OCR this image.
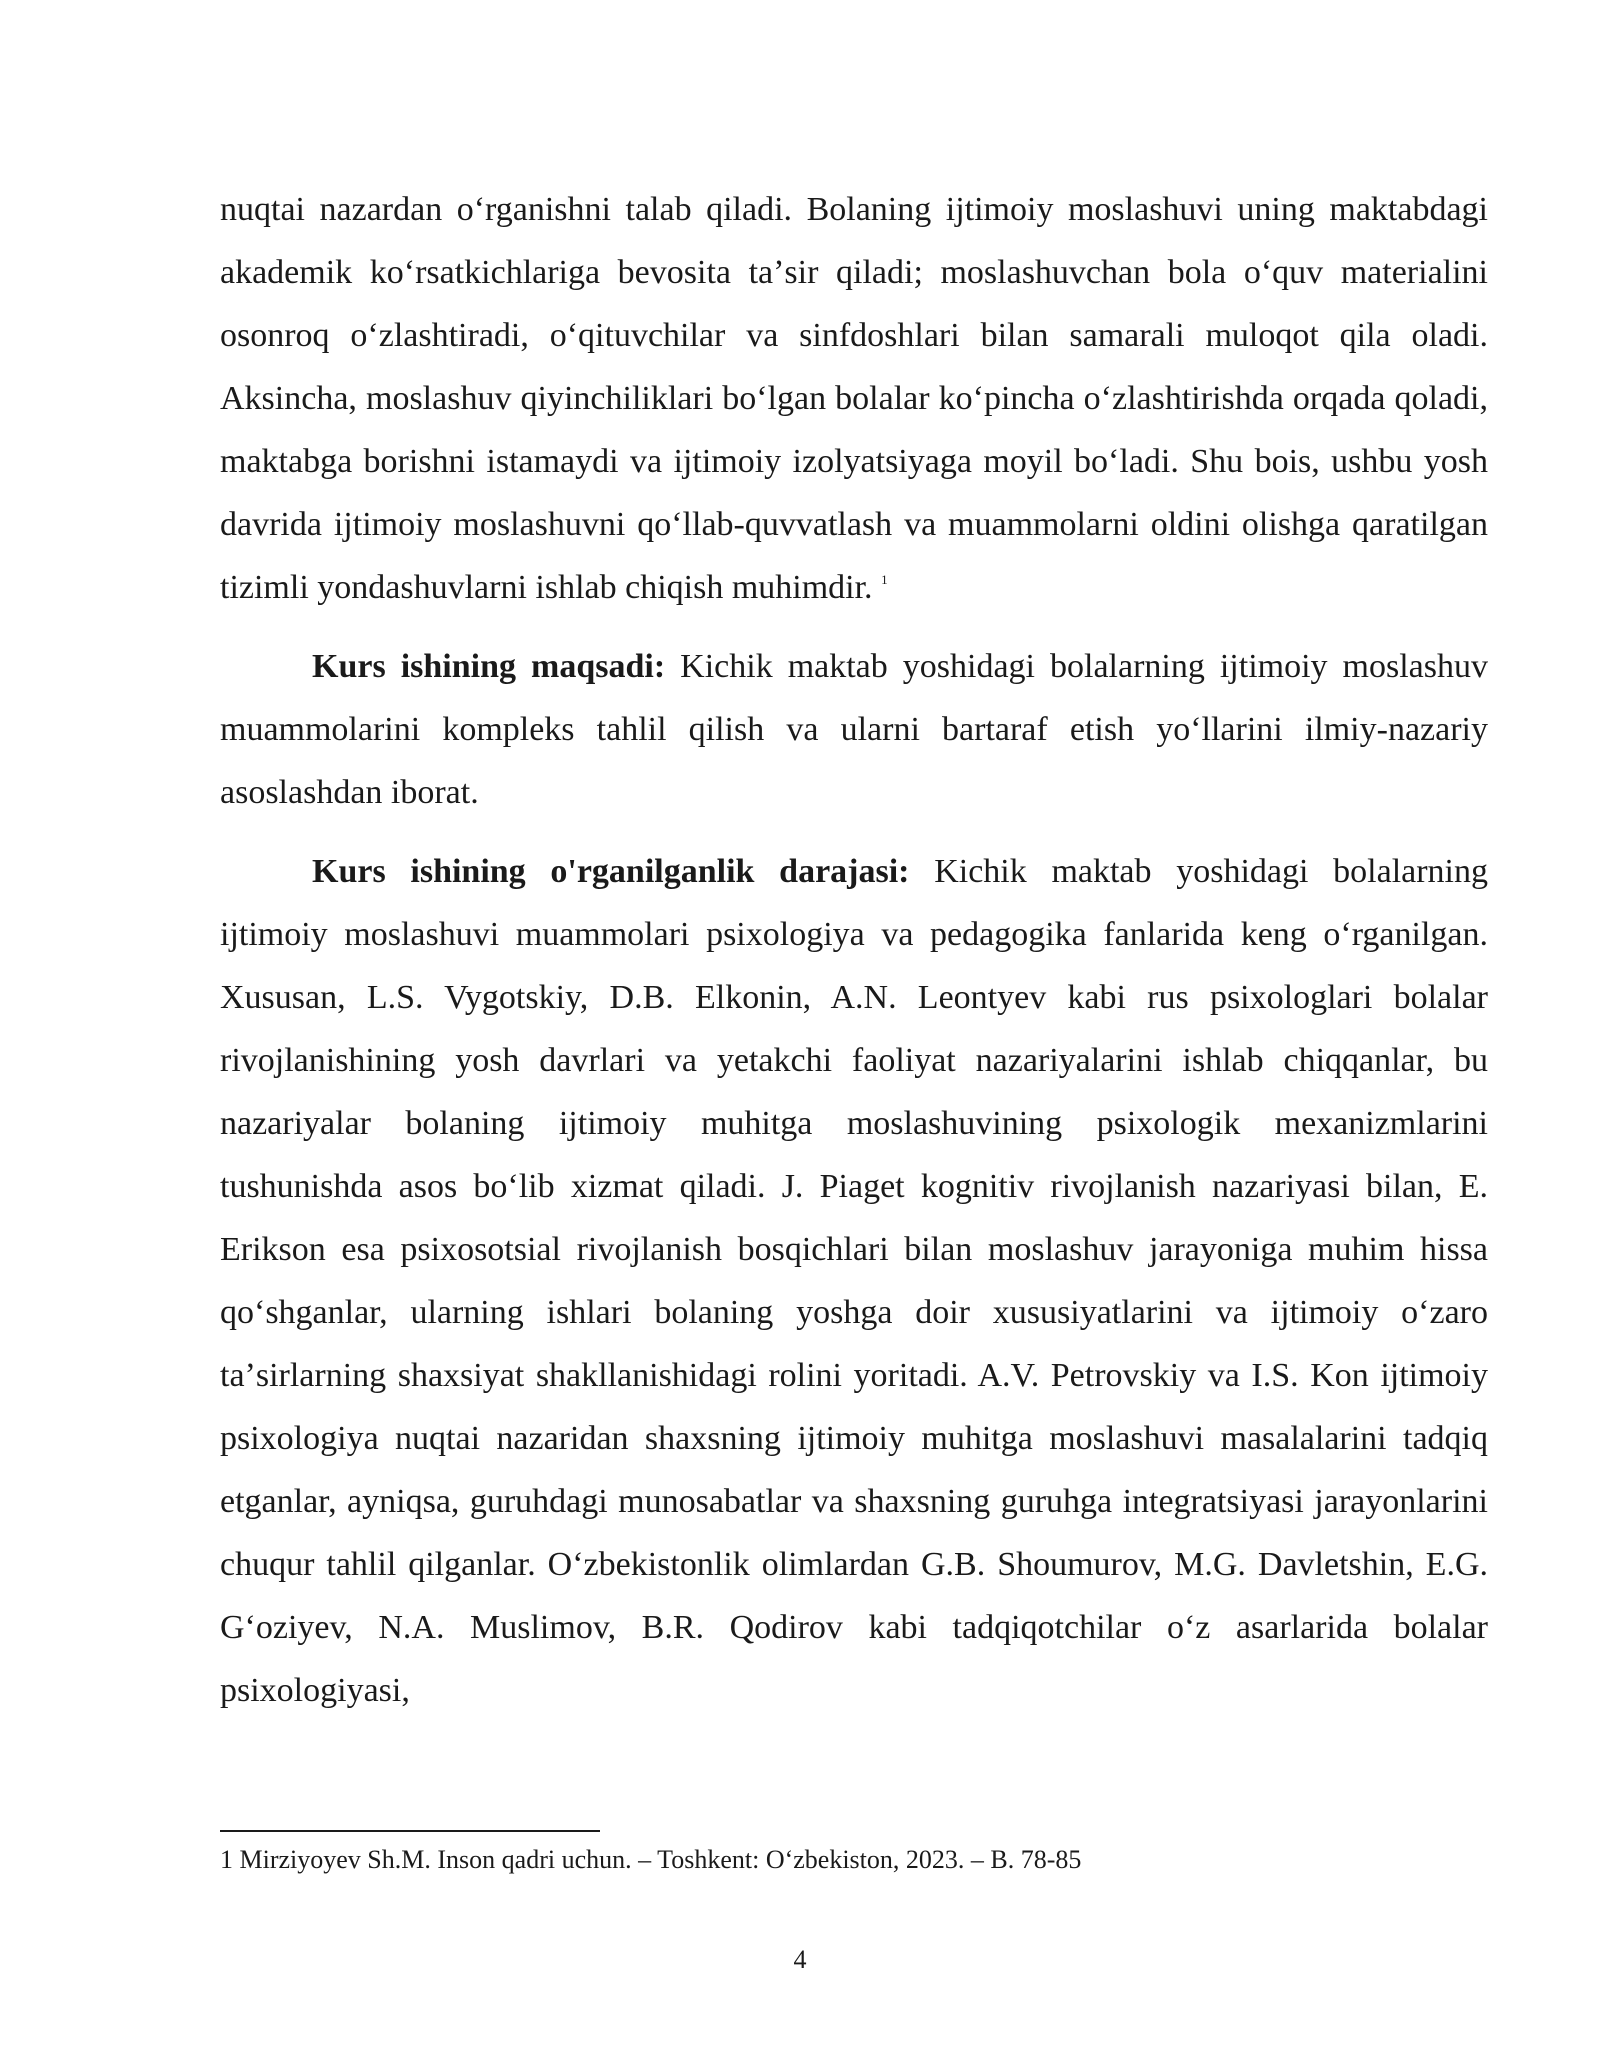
nuqtai nazardan oʻrganishni talab qiladi. Bolaning ijtimoiy moslashuvi uning maktabdagi akademik koʻrsatkichlariga bevosita taʼsir qiladi; moslashuvchan bola oʻquv materialini osonroq oʻzlashtiradi, oʻqituvchilar va sinfdoshlari bilan samarali muloqot qila oladi. Aksincha, moslashuv qiyinchiliklari boʻlgan bolalar koʻpincha oʻzlashtirishda orqada qoladi, maktabga borishni istamaydi va ijtimoiy izolyatsiyaga moyil boʻladi. Shu bois, ushbu yosh davrida ijtimoiy moslashuvni qoʻllab-quvvatlash va muammolarni oldini olishga qaratilgan tizimli yondashuvlarni ishlab chiqish muhimdir. $^1$

Kurs ishining maqsadi: Kichik maktab yoshidagi bolalarning ijtimoiy moslashuv muammolarini kompleks tahlil qilish va ularni bartaraf etish yoʻllarini ilmiy-nazariy asoslashdan iborat.

Kurs ishining o'rganilganlik darajasi: Kichik maktab yoshidagi bolalarning ijtimoiy moslashuvi muammolari psixologiya va pedagogika fanlarida keng oʻrganilgan. Xususan, L.S. Vygotskiy, D.B. Elkonin, A.N. Leontyev kabi rus psixologlari bolalar rivojlanishining yosh davrlari va yetakchi faoliyat nazariyalarini ishlab chiqqanlar, bu nazariyalar bolaning ijtimoiy muhitga moslashuvining psixologik mexanizmlarini tushunishda asos boʻlib xizmat qiladi. J. Piaget kognitiv rivojlanish nazariyasi bilan, E. Erikson esa psixosotsial rivojlanish bosqichlari bilan moslashuv jarayoniga muhim hissa qoʻshganlar, ularning ishlari bolaning yoshga doir xususiyatlarini va ijtimoiy oʻzaro taʼsirlarning shaxsiyat shakllanishidagi rolini yoritadi. A.V. Petrovskiy va I.S. Kon ijtimoiy psixologiya nuqtai nazaridan shaxsning ijtimoiy muhitga moslashuvi masalalarini tadqiq etganlar, ayniqsa, guruhdagi munosabatlar va shaxsning guruhga integratsiyasi jarayonlarini chuqur tahlil qilganlar. Oʻzbekistonlik olimlardan G.B. Shoumurov, M.G. Davletshin, E.G. Gʻoziyev, N.A. Muslimov, B.R. Qodirov kabi tadqiqotchilar oʻz asarlarida bolalar psixologiyasi,

1 Mirziyoyev Sh.M. Inson qadri uchun. – Toshkent: Oʻzbekiston, 2023. – B. 78-85
4
